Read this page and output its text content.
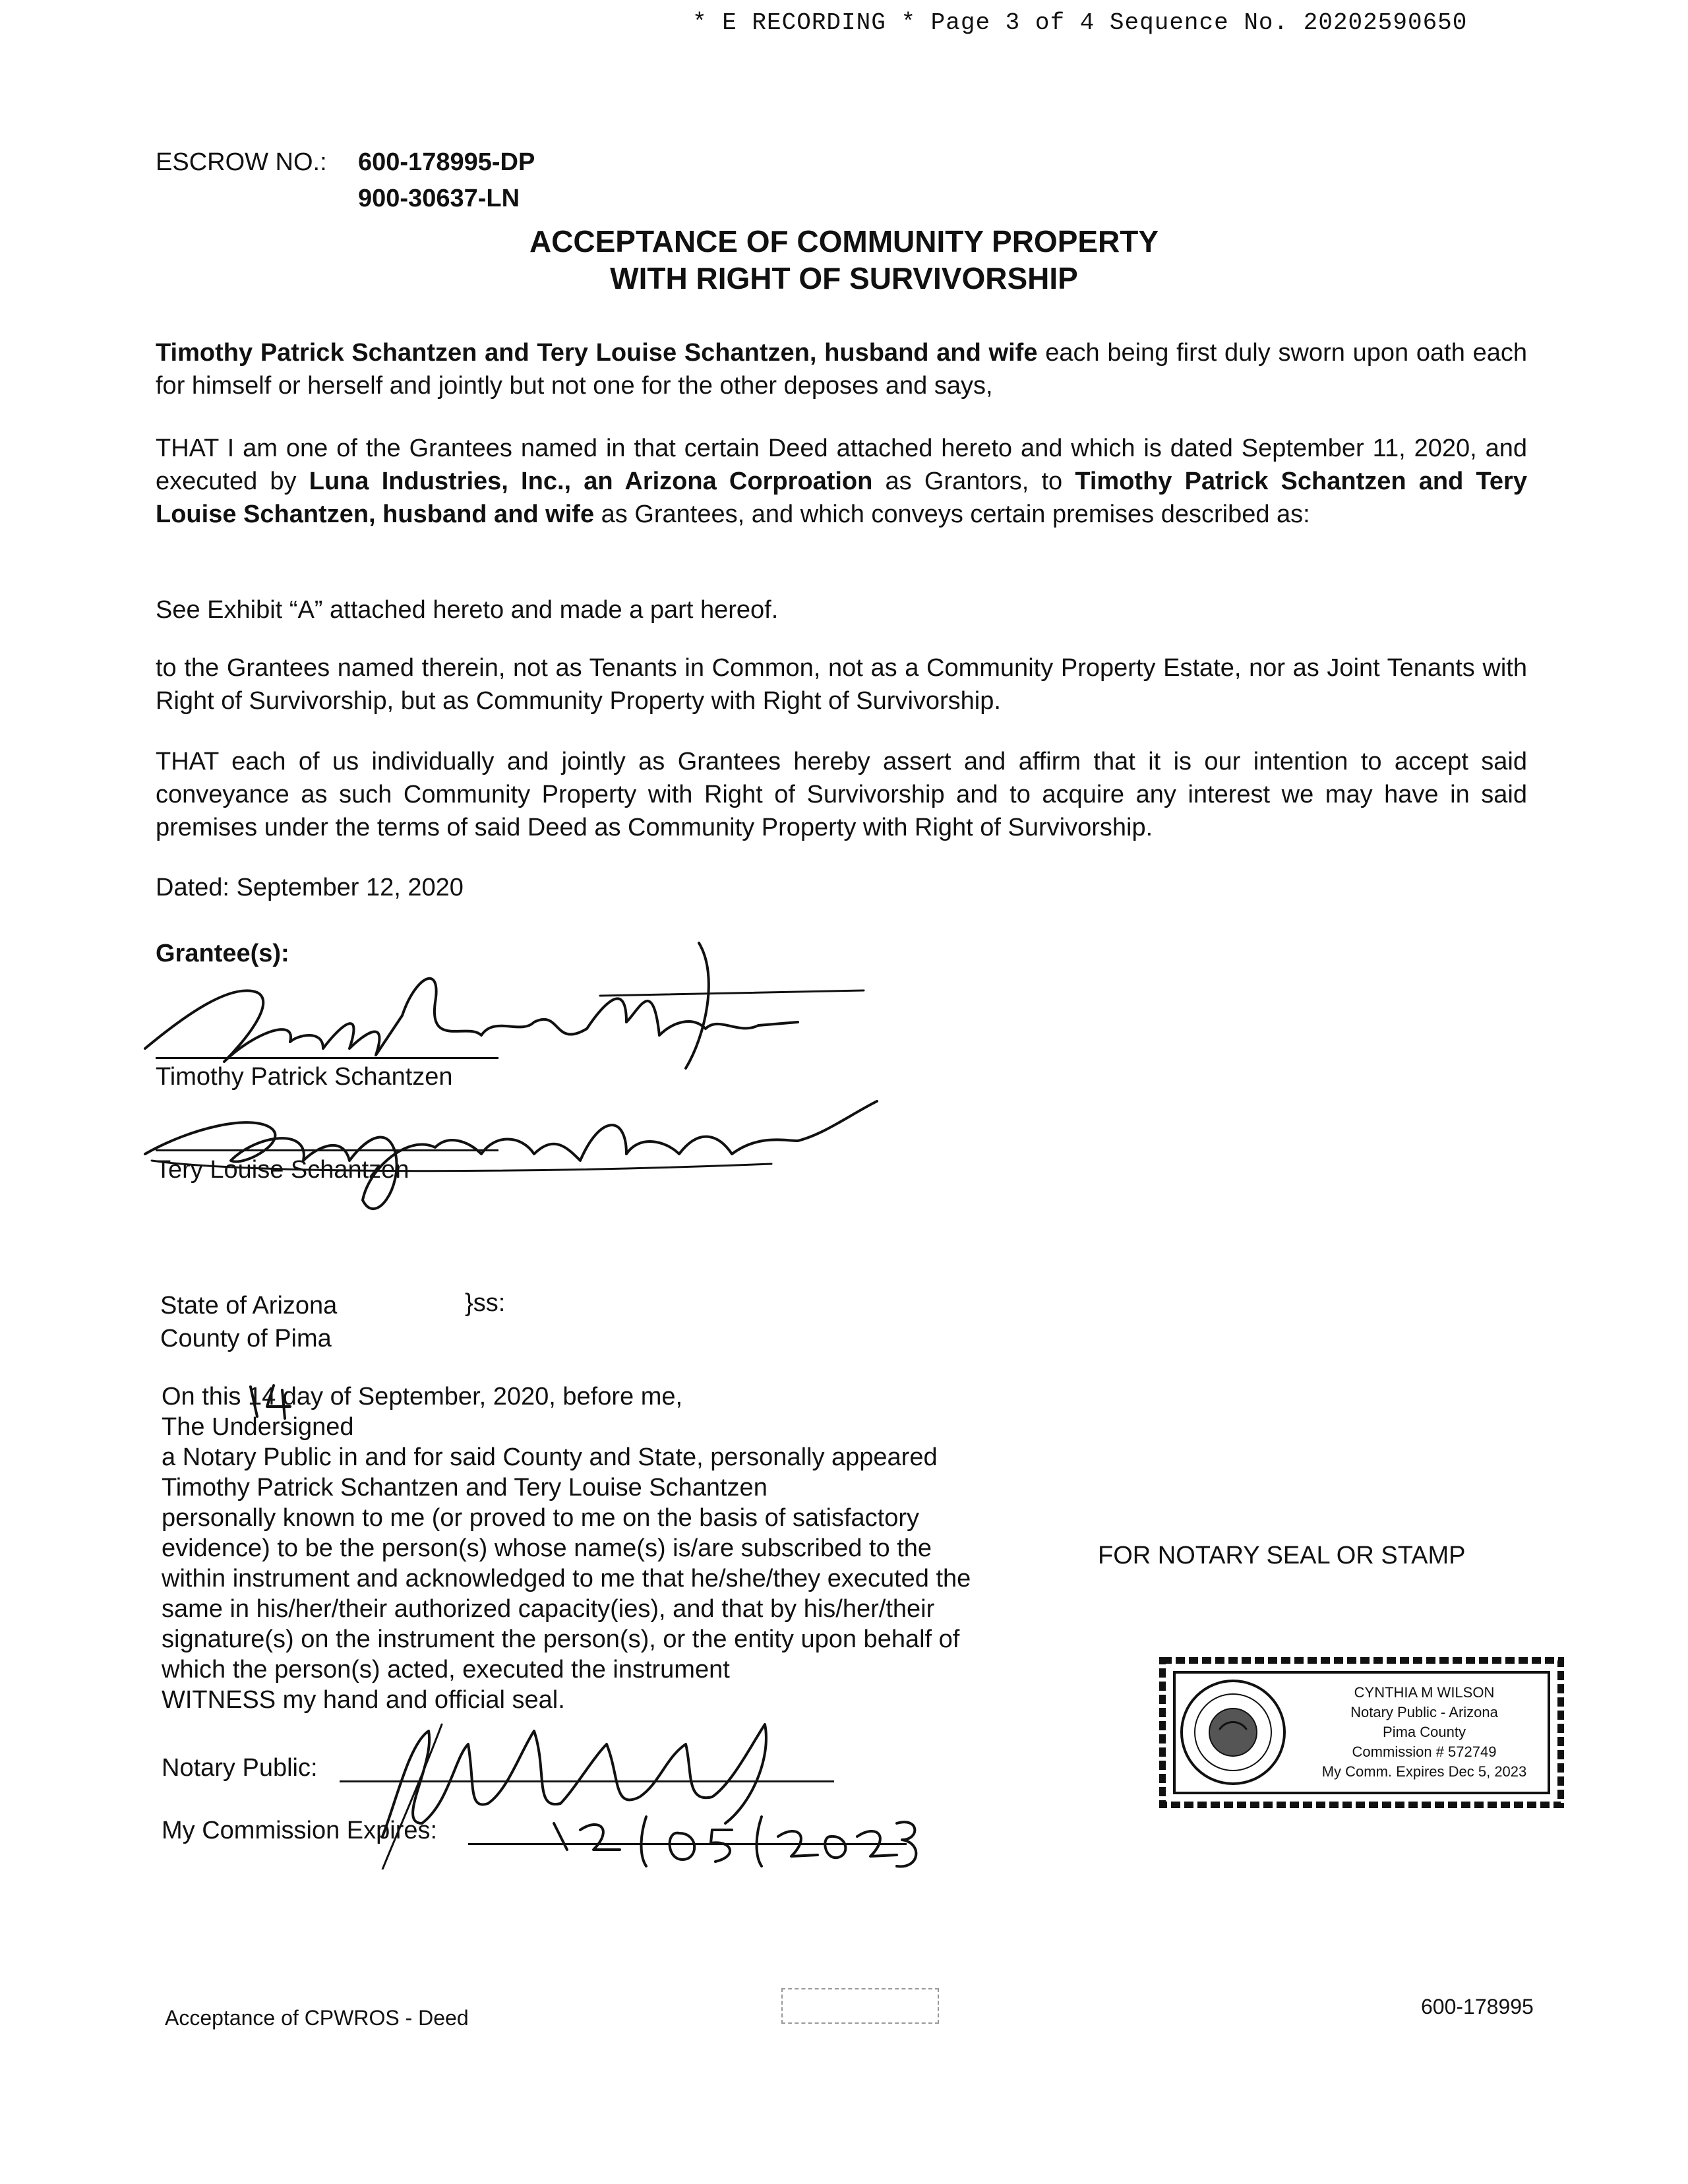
* E RECORDING * Page 3 of 4 Sequence No. 20202590650
ESCROW NO.: 600-178995-DP
900-30637-LN
ACCEPTANCE OF COMMUNITY PROPERTY
WITH RIGHT OF SURVIVORSHIP
Timothy Patrick Schantzen and Tery Louise Schantzen, husband and wife each being first duly sworn upon oath each for himself or herself and jointly but not one for the other deposes and says,
THAT I am one of the Grantees named in that certain Deed attached hereto and which is dated September 11, 2020, and executed by Luna Industries, Inc., an Arizona Corproation as Grantors, to Timothy Patrick Schantzen and Tery Louise Schantzen, husband and wife as Grantees, and which conveys certain premises described as:
See Exhibit “A” attached hereto and made a part hereof.
to the Grantees named therein, not as Tenants in Common, not as a Community Property Estate, nor as Joint Tenants with Right of Survivorship, but as Community Property with Right of Survivorship.
THAT each of us individually and jointly as Grantees hereby assert and affirm that it is our intention to accept said conveyance as such Community Property with Right of Survivorship and to acquire any interest we may have in said premises under the terms of said Deed as Community Property with Right of Survivorship.
Dated: September 12, 2020
Grantee(s):
Timothy Patrick Schantzen
Tery Louise Schantzen
State of Arizona
County of Pima
}ss:
On this 14 day of September, 2020, before me,
The Undersigned
a Notary Public in and for said County and State, personally appeared
Timothy Patrick Schantzen and Tery Louise Schantzen
personally known to me (or proved to me on the basis of satisfactory
evidence) to be the person(s) whose name(s) is/are subscribed to the
within instrument and acknowledged to me that he/she/they executed the
same in his/her/their authorized capacity(ies), and that by his/her/their
signature(s) on the instrument the person(s), or the entity upon behalf of
which the person(s) acted, executed the instrument
WITNESS my hand and official seal.
Notary Public:
My Commission Expires:
FOR NOTARY SEAL OR STAMP
CYNTHIA M WILSON
Notary Public - Arizona
Pima County
Commission # 572749
My Comm. Expires Dec 5, 2023
Acceptance of CPWROS - Deed	600-178995
